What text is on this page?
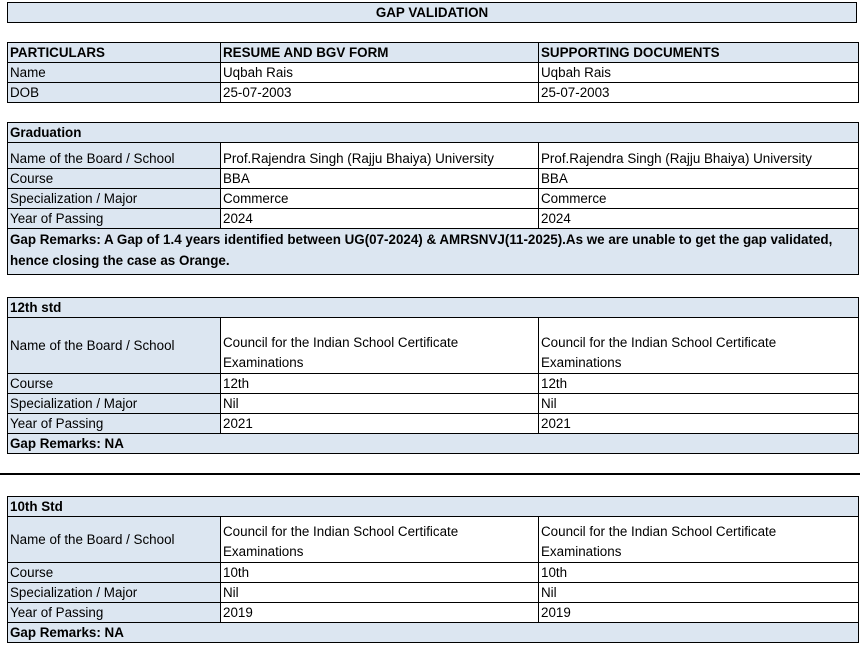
GAP VALIDATION
PARTICULARS	RESUME AND BGV FORM	SUPPORTING DOCUMENTS
Name	Uqbah Rais	Uqbah Rais
DOB	25-07-2003	25-07-2003
Graduation		
Name of the Board / School	Prof.Rajendra Singh (Rajju Bhaiya) University	Prof.Rajendra Singh (Rajju Bhaiya) University
Course	BBA	BBA
Specialization / Major	Commerce	Commerce
Year of Passing	2024	2024
Gap Remarks: A Gap of 1.4 years identified between UG(07-2024) & AMRSNVJ(11-2025).As we are unable to get the gap validated, hence closing the case as Orange.		
12th std		
Name of the Board / School	Council for the Indian School Certificate Examinations	Council for the Indian School Certificate Examinations
Course	12th	12th
Specialization / Major	Nil	Nil
Year of Passing	2021	2021
Gap Remarks: NA		
10th Std		
Name of the Board / School	Council for the Indian School Certificate Examinations	Council for the Indian School Certificate Examinations
Course	10th	10th
Specialization / Major	Nil	Nil
Year of Passing	2019	2019
Gap Remarks: NA		
